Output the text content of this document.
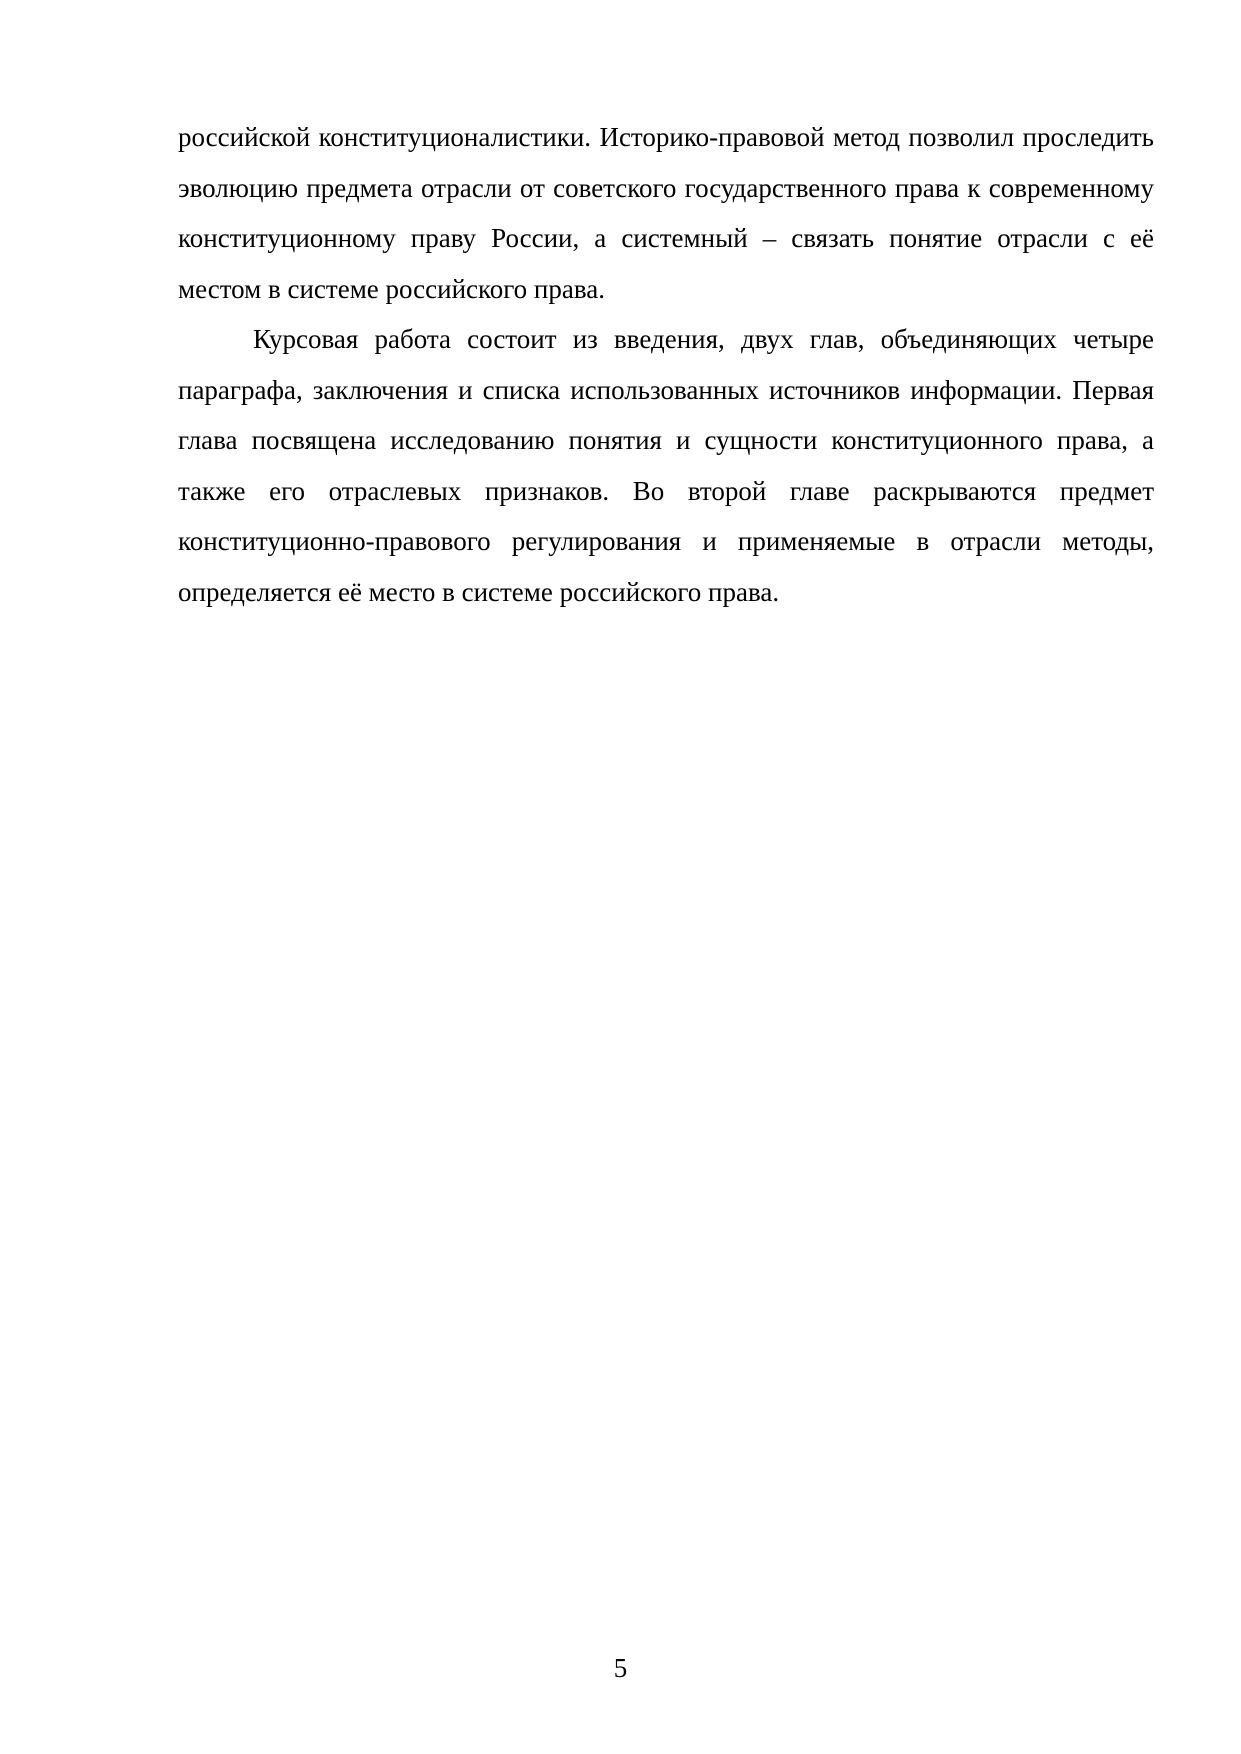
российской конституционалистики. Историко-правовой метод позволил проследить эволюцию предмета отрасли от советского государственного права к современному конституционному праву России, а системный – связать понятие отрасли с её местом в системе российского права.

Курсовая работа состоит из введения, двух глав, объединяющих четыре параграфа, заключения и списка использованных источников информации. Первая глава посвящена исследованию понятия и сущности конституционного права, а также его отраслевых признаков. Во второй главе раскрываются предмет конституционно-правового регулирования и применяемые в отрасли методы, определяется её место в системе российского права.

5
